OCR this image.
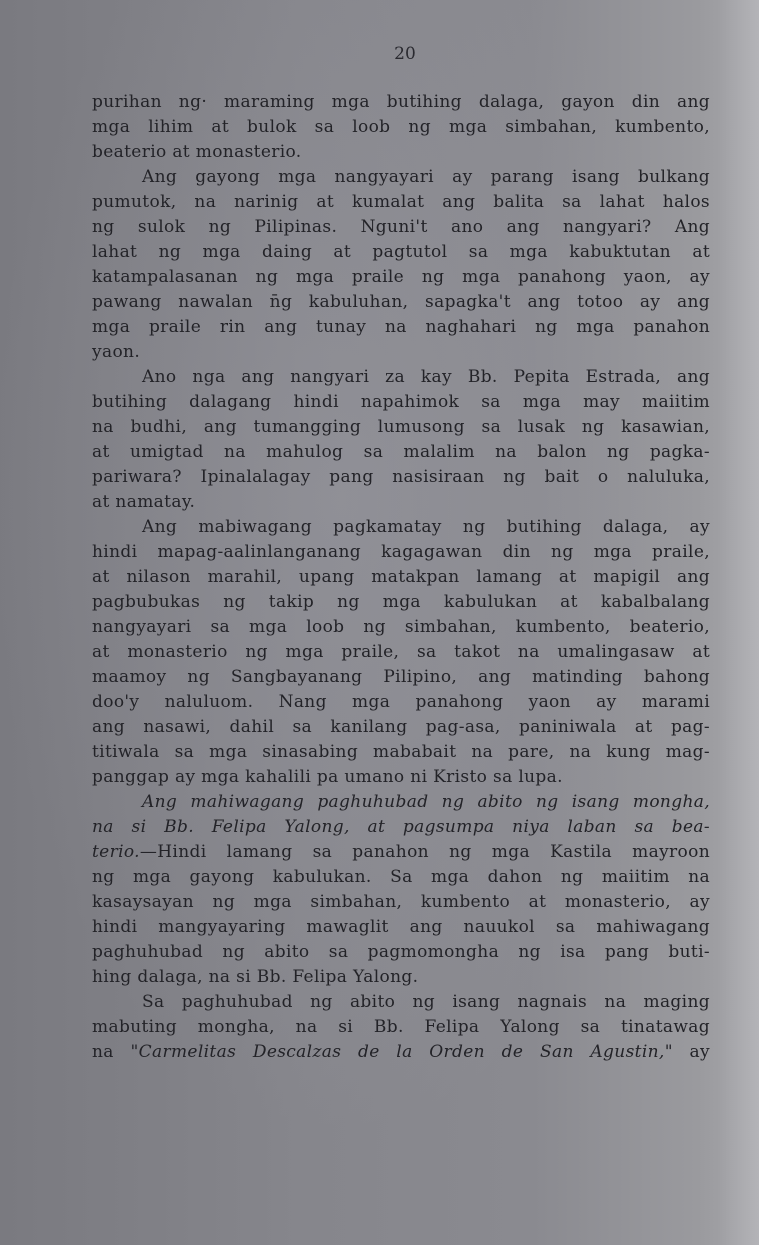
20
purihan ng· maraming mga butihing dalaga, gayon din ang
mga lihim at bulok sa loob ng mga simbahan, kumbento,
beaterio at monasterio.
Ang gayong mga nangyayari ay parang isang bulkang
pumutok, na narinig at kumalat ang balita sa lahat halos
ng sulok ng Pilipinas. Nguni't ano ang nangyari? Ang
lahat ng mga daing at pagtutol sa mga kabuktutan at
katampalasanan ng mga praile ng mga panahong yaon, ay
pawang nawalan n̄g kabuluhan, sapagka't ang totoo ay ang
mga praile rin ang tunay na naghahari ng mga panahon
yaon.
Ano nga ang nangyari za kay Bb. Pepita Estrada, ang
butihing dalagang hindi napahimok sa mga may maiitim
na budhi, ang tumangging lumusong sa lusak ng kasawian,
at umigtad na mahulog sa malalim na balon ng pagka-
pariwara? Ipinalalagay pang nasisiraan ng bait o naluluka,
at namatay.
Ang mabiwagang pagkamatay ng butihing dalaga, ay
hindi mapag-aalinlanganang kagagawan din ng mga praile,
at nilason marahil, upang matakpan lamang at mapigil ang
pagbubukas ng takip ng mga kabulukan at kabalbalang
nangyayari sa mga loob ng simbahan, kumbento, beaterio,
at monasterio ng mga praile, sa takot na umalingasaw at
maamoy ng Sangbayanang Pilipino, ang matinding bahong
doo'y naluluom. Nang mga panahong yaon ay marami
ang nasawi, dahil sa kanilang pag-asa, paniniwala at pag-
titiwala sa mga sinasabing mababait na pare, na kung mag-
panggap ay mga kahalili pa umano ni Kristo sa lupa.
Ang mahiwagang paghuhubad ng abito ng isang mongha,
na si Bb. Felipa Yalong, at pagsumpa niya laban sa bea-
terio.—Hindi lamang sa panahon ng mga Kastila mayroon
ng mga gayong kabulukan. Sa mga dahon ng maiitim na
kasaysayan ng mga simbahan, kumbento at monasterio, ay
hindi mangyayaring mawaglit ang nauukol sa mahiwagang
paghuhubad ng abito sa pagmomongha ng isa pang buti-
hing dalaga, na si Bb. Felipa Yalong.
Sa paghuhubad ng abito ng isang nagnais na maging
mabuting mongha, na si Bb. Felipa Yalong sa tinatawag
na "Carmelitas Descalzas de la Orden de San Agustin," ay
